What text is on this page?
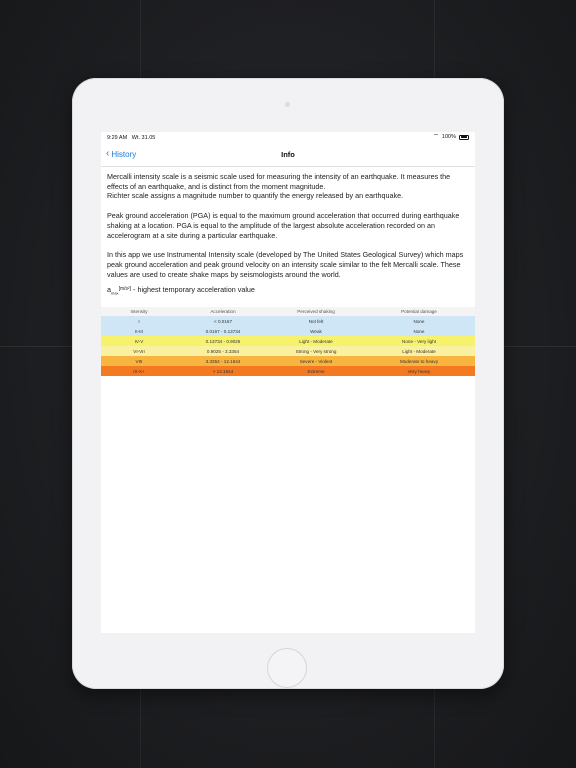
9:29 AM Wt. 31.05	⌔ 100%
‹ History	Info

Mercalli intensity scale is a seismic scale used for measuring the intensity of an earthquake. It measures the effects of an earthquake, and is distinct from the moment magnitude.

Richter scale assigns a magnitude number to quantify the energy released by an earthquake.

Peak ground acceleration (PGA) is equal to the maximum ground acceleration that occurred during earthquake shaking at a location. PGA is equal to the amplitude of the largest absolute acceleration recorded on an accelerogram at a site during a particular earthquake.

In this app we use Instrumental Intensity scale (developed by The United States Geological Survey) which maps peak ground acceleration and peak ground velocity on an intensity scale similar to the felt Mercalli scale. These values are used to create shake maps by seismologists around the world.

$a_{max}[m/s^2]$ - highest temporary acceleration value
Intensity	Acceleration	Perceived shaking	Potential damage
I	< 0.0167	Not felt	None
II-III	0.0167 - 0.13734	Weak	None
IV-V	0.13734 - 0.9025	Light - Moderate	None - Very light
VI-VII	0.9025 - 3.3354	Strong - Very strong	Light - Moderate
VIII	3.3354 - 12.1644	Severe - Violent	Moderate to heavy
IX-X+	> 12.1644	Extreme	Very heavy
